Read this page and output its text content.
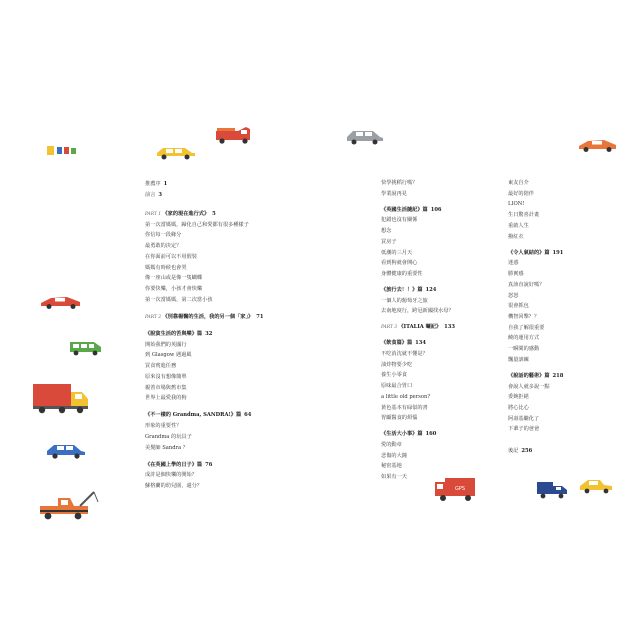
推薦序 1
前言 3
PART 1 《家的現在進行式》 5
第一次當媽媽，歸化自己和愛都有很多種樣子
你信每一段緣分
最勇敢的決定？
在你面前可以不用假裝
媽媽有時候也會哭
像一座山或是像一隻蝴蝶
你要快樂，小孩才會快樂
第一次當媽媽，第二次當小孩
PART 2 《別靠楊醫的生活，我的另一個「家」》 71
《脫貧生活的苦與樂》篇 32
開始我們的英國行
到 Glasgow 遇過風
買食賓進任務
原來沒有想像簡單
親善市場與舊市集
世界上最愛我的狗
《不一樣的 Grandma, SANDRA!》篇 64
形象的重要性？
Grandma 的玩具子
美髮師 Sandra ？
《在英國上學的日子》篇 76
成許是個快樂的開始？
蘇格蘭的幼兒園，還分？
快學挑稻行嗎？
學業說再見
《英國生活隨記》篇 106
犯錯也沒有關係
想念
買房子
低潮的三月天
看到狗就會開心
身體健康的重要性
《旅行去！！》篇 124
一個人的葡萄牙之旅
去南地度行，跨冠新國找水母？
PART 3 《ITALIA 囉記》 133
《飲食篇》篇 134
不吃消沈就不懂是？
油炸物要少吃
養生小零食
原味最合胃口
a little old person?
黃色基本有碌似的書
胃顧醫食的煩惱
《生活大小事》篇 160
愛的動章
悲傷的大鐘
秘密基地
如果有一天
東友自介
最好的陪伴
LION!
生日驚喜計畫
重啟人生
撥紅衣
《令人氣結的》篇 191
迷惑
勝實感
真該直說好嗎？
怒怒
很會抓包
機智回擊？？
自我了解很重要
饒的運用方式
一瞬間的感動
飄量訓練
《說話的藝術》篇 218
會說人就多說一點
委婉拒絕
將心比心
阿壽基繼化了
下輩子的爸爸
後記 256
GPS
